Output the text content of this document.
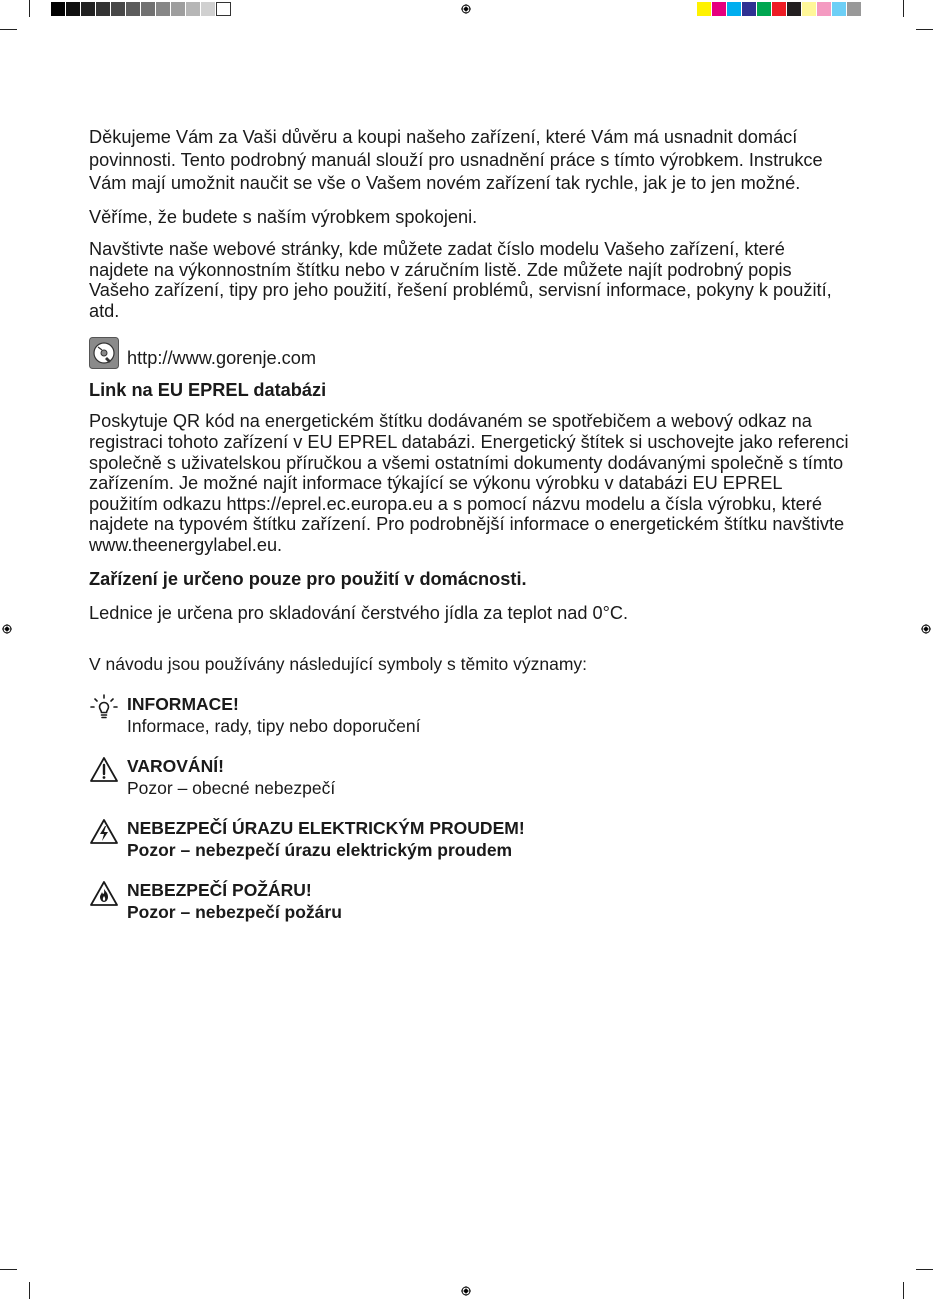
Děkujeme Vám za Vaši důvěru a koupi našeho zařízení, které Vám má usnadnit domácí povinnosti. Tento podrobný manuál slouží pro usnadnění práce s tímto výrobkem. Instrukce Vám mají umožnit naučit se vše o Vašem novém zařízení tak rychle, jak je to jen možné.

Věříme, že budete s naším výrobkem spokojeni.

Navštivte naše webové stránky, kde můžete zadat číslo modelu Vašeho zařízení, které najdete na výkonnostním štítku nebo v záručním listě. Zde můžete najít podrobný popis Vašeho zařízení, tipy pro jeho použití, řešení problémů, servisní informace, pokyny k použití, atd.

http://www.gorenje.com

Link na EU EPREL databázi

Poskytuje QR kód na energetickém štítku dodávaném se spotřebičem a webový odkaz na registraci tohoto zařízení v EU EPREL databázi. Energetický štítek si uschovejte jako referenci společně s uživatelskou příručkou a všemi ostatními dokumenty dodávanými společně s tímto zařízením. Je možné najít informace týkající se výkonu výrobku v databázi EU EPREL použitím odkazu https://eprel.ec.europa.eu a s pomocí názvu modelu a čísla výrobku, které najdete na typovém štítku zařízení. Pro podrobnější informace o energetickém štítku navštivte www.theenergylabel.eu.

Zařízení je určeno pouze pro použití v domácnosti.

Lednice je určena pro skladování čerstvého jídla za teplot nad 0°C.

V návodu jsou používány následující symboly s těmito významy:

INFORMACE!
Informace, rady, tipy nebo doporučení
VAROVÁNÍ!
Pozor – obecné nebezpečí
NEBEZPEČÍ ÚRAZU ELEKTRICKÝM PROUDEM!
Pozor – nebezpečí úrazu elektrickým proudem
NEBEZPEČÍ POŽÁRU!
Pozor – nebezpečí požáru
